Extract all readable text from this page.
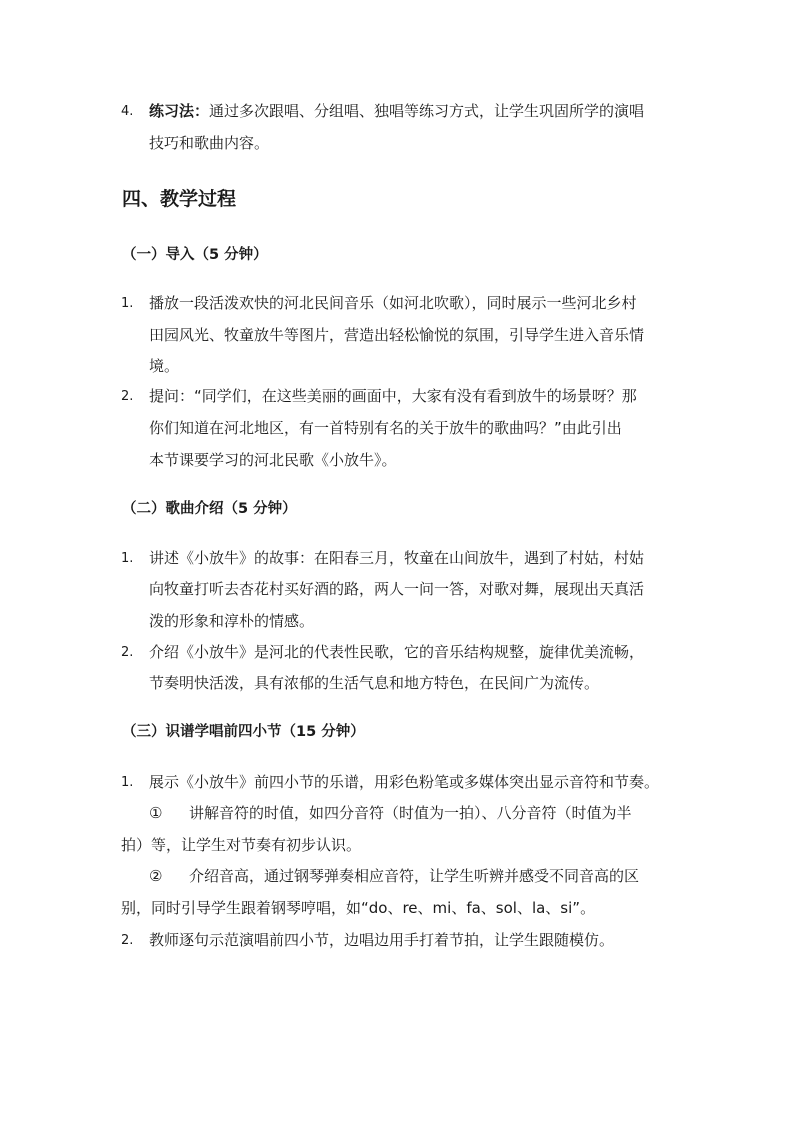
4. 练习法：通过多次跟唱、分组唱、独唱等练习方式，让学生巩固所学的演唱
技巧和歌曲内容。
四、教学过程
（一）导入（5 分钟）
1. 播放一段活泼欢快的河北民间音乐（如河北吹歌），同时展示一些河北乡村
田园风光、牧童放牛等图片，营造出轻松愉悦的氛围，引导学生进入音乐情
境。
2. 提问：“同学们，在这些美丽的画面中，大家有没有看到放牛的场景呀？那
你们知道在河北地区，有一首特别有名的关于放牛的歌曲吗？”由此引出
本节课要学习的河北民歌《小放牛》。
（二）歌曲介绍（5 分钟）
1. 讲述《小放牛》的故事：在阳春三月，牧童在山间放牛，遇到了村姑，村姑
向牧童打听去杏花村买好酒的路，两人一问一答，对歌对舞，展现出天真活
泼的形象和淳朴的情感。
2. 介绍《小放牛》是河北的代表性民歌，它的音乐结构规整，旋律优美流畅，
节奏明快活泼，具有浓郁的生活气息和地方特色，在民间广为流传。
（三）识谱学唱前四小节（15 分钟）
1. 展示《小放牛》前四小节的乐谱，用彩色粉笔或多媒体突出显示音符和节奏。
① 讲解音符的时值，如四分音符（时值为一拍）、八分音符（时值为半
拍）等，让学生对节奏有初步认识。
② 介绍音高，通过钢琴弹奏相应音符，让学生听辨并感受不同音高的区
别，同时引导学生跟着钢琴哼唱，如“do、re、mi、fa、sol、la、si”。
2. 教师逐句示范演唱前四小节，边唱边用手打着节拍，让学生跟随模仿。
